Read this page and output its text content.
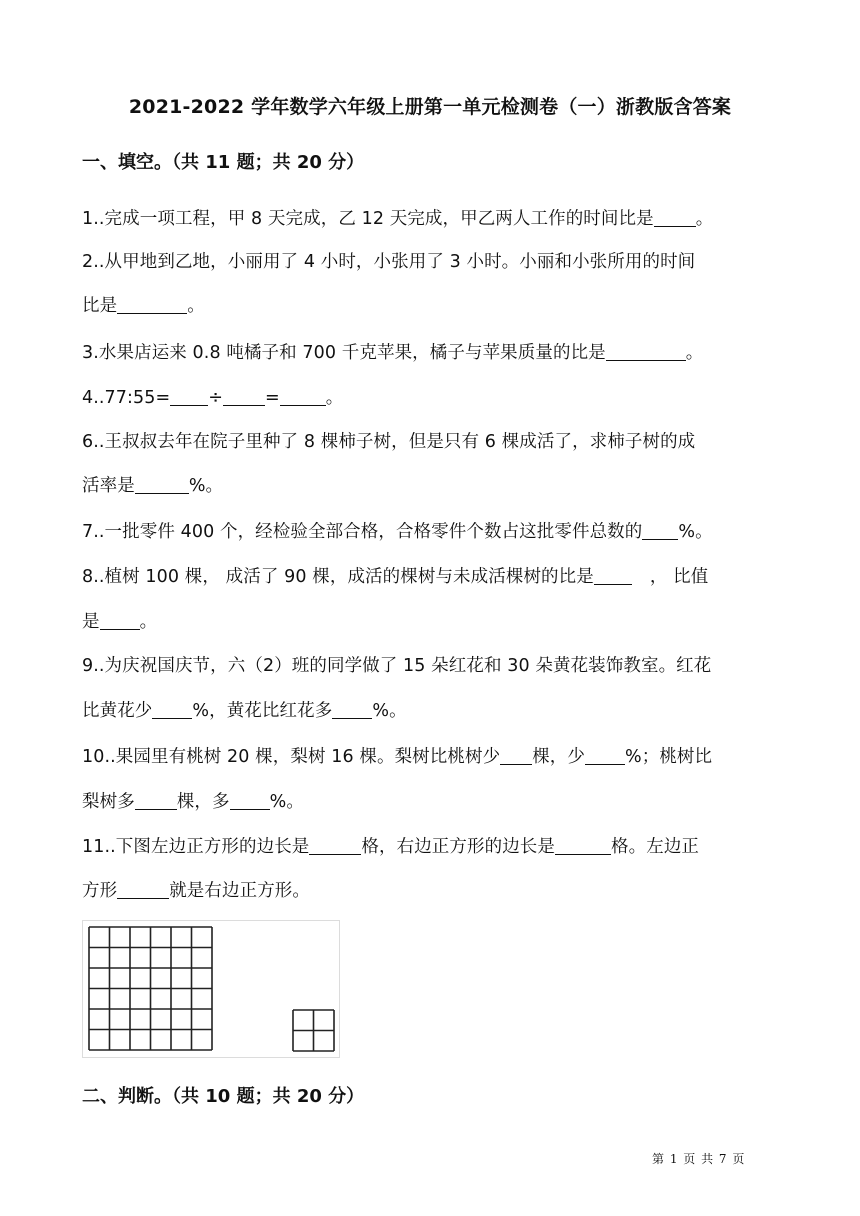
2021-2022 学年数学六年级上册第一单元检测卷（一）浙教版含答案
一、填空。（共 11 题；共 20 分）
1..完成一项工程，甲 8 天完成，乙 12 天完成，甲乙两人工作的时间比是 。
2..从甲地到乙地，小丽用了 4 小时，小张用了 3 小时。小丽和小张所用的时间
比是	。
3.水果店运来 0.8 吨橘子和 700 千克苹果，橘子与苹果质量的比是	。
4..77:55= ÷ =	。
6..王叔叔去年在院子里种了 8 棵柿子树，但是只有 6 棵成活了，求柿子树的成
活率是	%。
7..一批零件 400 个，经检验全部合格，合格零件个数占这批零件总数的 %。
8..植树 100 棵， 成活了 90 棵，成活的棵树与未成活棵树的比是	， 比值
是 。
9..为庆祝国庆节，六（2）班的同学做了 15 朵红花和 30 朵黄花装饰教室。红花
比黄花少 %，黄花比红花多 %。
10..果园里有桃树 20 棵，梨树 16 棵。梨树比桃树少 棵，少 %；桃树比
梨树多 棵，多 %。
11..下图左边正方形的边长是	格，右边正方形的边长是	格。左边正
方形	就是右边正方形。
二、判断。（共 10 题；共 20 分）
第 1 页 共 7 页
